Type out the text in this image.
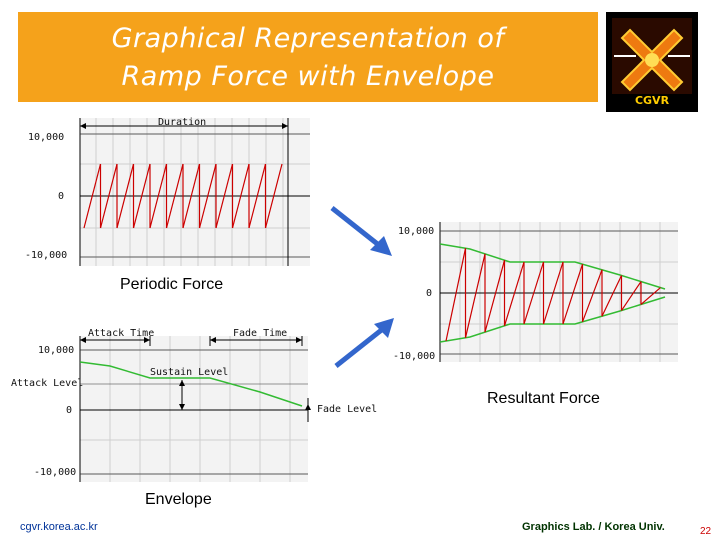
Graphical Representation of
Ramp Force with Envelope
CGVR
10,000
0
-10,000
Duration
Periodic Force
10,000
0
-10,000
Attack Time	Fade Time
Sustain Level
Attack Level
Fade Level
Envelope
10,000
0
-10,000
Resultant Force
cgvr.korea.ac.kr	Graphics Lab. / Korea Univ.	22
